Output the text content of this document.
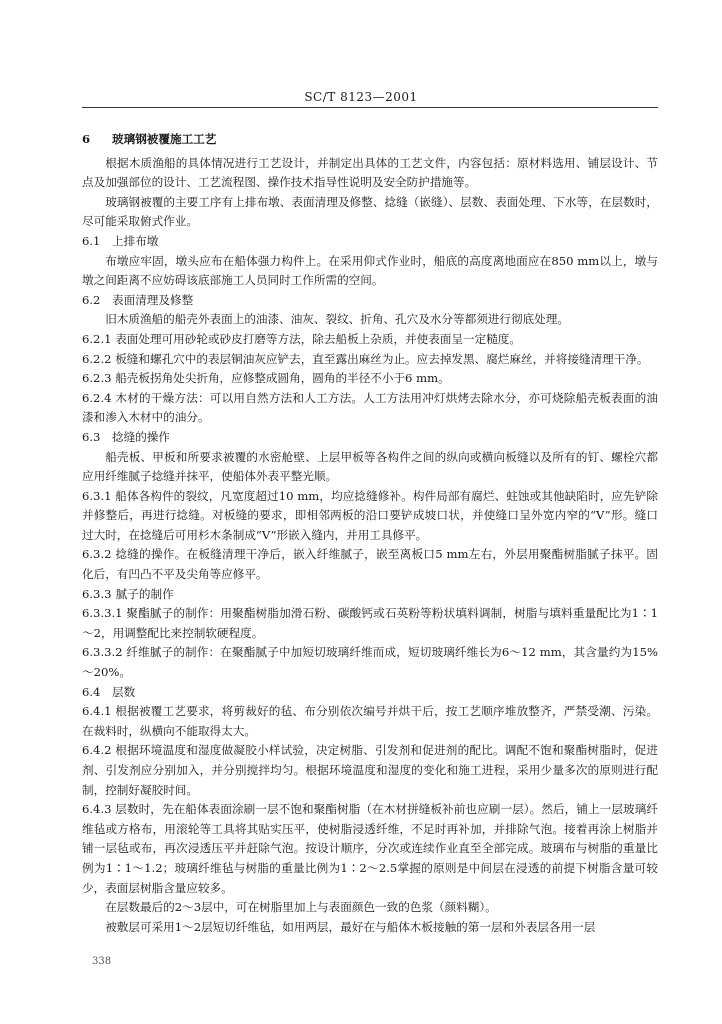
SC/T 8123—2001
6 玻璃钢被覆施工工艺

根据木质渔船的具体情况进行工艺设计，并制定出具体的工艺文件，内容包括：原材料选用、铺层设计、节点及加强部位的设计、工艺流程图、操作技术指导性说明及安全防护措施等。

玻璃钢被覆的主要工序有上排布墩、表面清理及修整、捻缝（嵌缝）、层数、表面处理、下水等，在层数时，尽可能采取俯式作业。

6.1 上排布墩

布墩应牢固，墩头应布在船体强力构件上。在采用仰式作业时，船底的高度离地面应在850 mm以上，墩与墩之间距离不应妨碍该底部施工人员同时工作所需的空间。

6.2 表面清理及修整

旧木质渔船的船壳外表面上的油漆、油灰、裂纹、折角、孔穴及水分等都须进行彻底处理。

6.2.1 表面处理可用砂轮或砂皮打磨等方法，除去船板上杂质，并使表面呈一定糙度。

6.2.2 板缝和螺孔穴中的表层铜油灰应铲去，直至露出麻丝为止。应去掉发黑、腐烂麻丝，并将接缝清理干净。

6.2.3 船壳板拐角处尖折角，应修整成圆角，圆角的半径不小于6 mm。

6.2.4 木材的干燥方法：可以用自然方法和人工方法。人工方法用冲灯烘烤去除水分，亦可烧除船壳板表面的油漆和渗入木材中的油分。

6.3 捻缝的操作

船壳板、甲板和所要求被覆的水密舱壁、上层甲板等各构件之间的纵向或横向板缝以及所有的钉、螺栓穴都应用纤维腻子捻缝并抹平，使船体外表平整光顺。

6.3.1 船体各构件的裂纹，凡宽度超过10 mm，均应捻缝修补。构件局部有腐烂、蛀蚀或其他缺陷时，应先铲除并修整后，再进行捻缝。对板缝的要求，即相邻两板的沿口要铲成坡口状，并使缝口呈外宽内窄的“V”形。缝口过大时，在捻缝后可用杉木条制成“V”形嵌入缝内，并用工具修平。

6.3.2 捻缝的操作。在板缝清理干净后，嵌入纤维腻子，嵌至离板口5 mm左右，外层用聚酯树脂腻子抹平。固化后，有凹凸不平及尖角等应修平。

6.3.3 腻子的制作

6.3.3.1 聚酯腻子的制作：用聚酯树脂加滑石粉、碳酸钙或石英粉等粉状填料调制，树脂与填料重量配比为1∶1～2，用调整配比来控制软硬程度。

6.3.3.2 纤维腻子的制作：在聚酯腻子中加短切玻璃纤维而成，短切玻璃纤维长为6～12 mm，其含量约为15%～20%。

6.4 层数

6.4.1 根据被覆工艺要求，将剪裁好的毡、布分别依次编号并烘干后，按工艺顺序堆放整齐，严禁受潮、污染。在裁料时，纵横向不能取得太大。

6.4.2 根据环境温度和湿度做凝胶小样试验，决定树脂、引发剂和促进剂的配比。调配不饱和聚酯树脂时，促进剂、引发剂应分别加入，并分别搅拌均匀。根据环境温度和湿度的变化和施工进程，采用少量多次的原则进行配制，控制好凝胶时间。

6.4.3 层数时，先在船体表面涂刷一层不饱和聚酯树脂（在木材拼缝板补前也应刷一层）。然后，铺上一层玻璃纤维毡或方格布，用滚轮等工具将其贴实压平，使树脂浸透纤维，不足时再补加，并排除气泡。接着再涂上树脂并铺一层毡或布，再次浸透压平并赶除气泡。按设计顺序，分次或连续作业直至全部完成。玻璃布与树脂的重量比例为1∶1～1.2；玻璃纤维毡与树脂的重量比例为1∶2～2.5掌握的原则是中间层在浸透的前提下树脂含量可较少，表面层树脂含量应较多。

在层数最后的2～3层中，可在树脂里加上与表面颜色一致的色浆（颜料糊）。

被敷层可采用1～2层短切纤维毡，如用两层，最好在与船体木板接触的第一层和外表层各用一层

338
